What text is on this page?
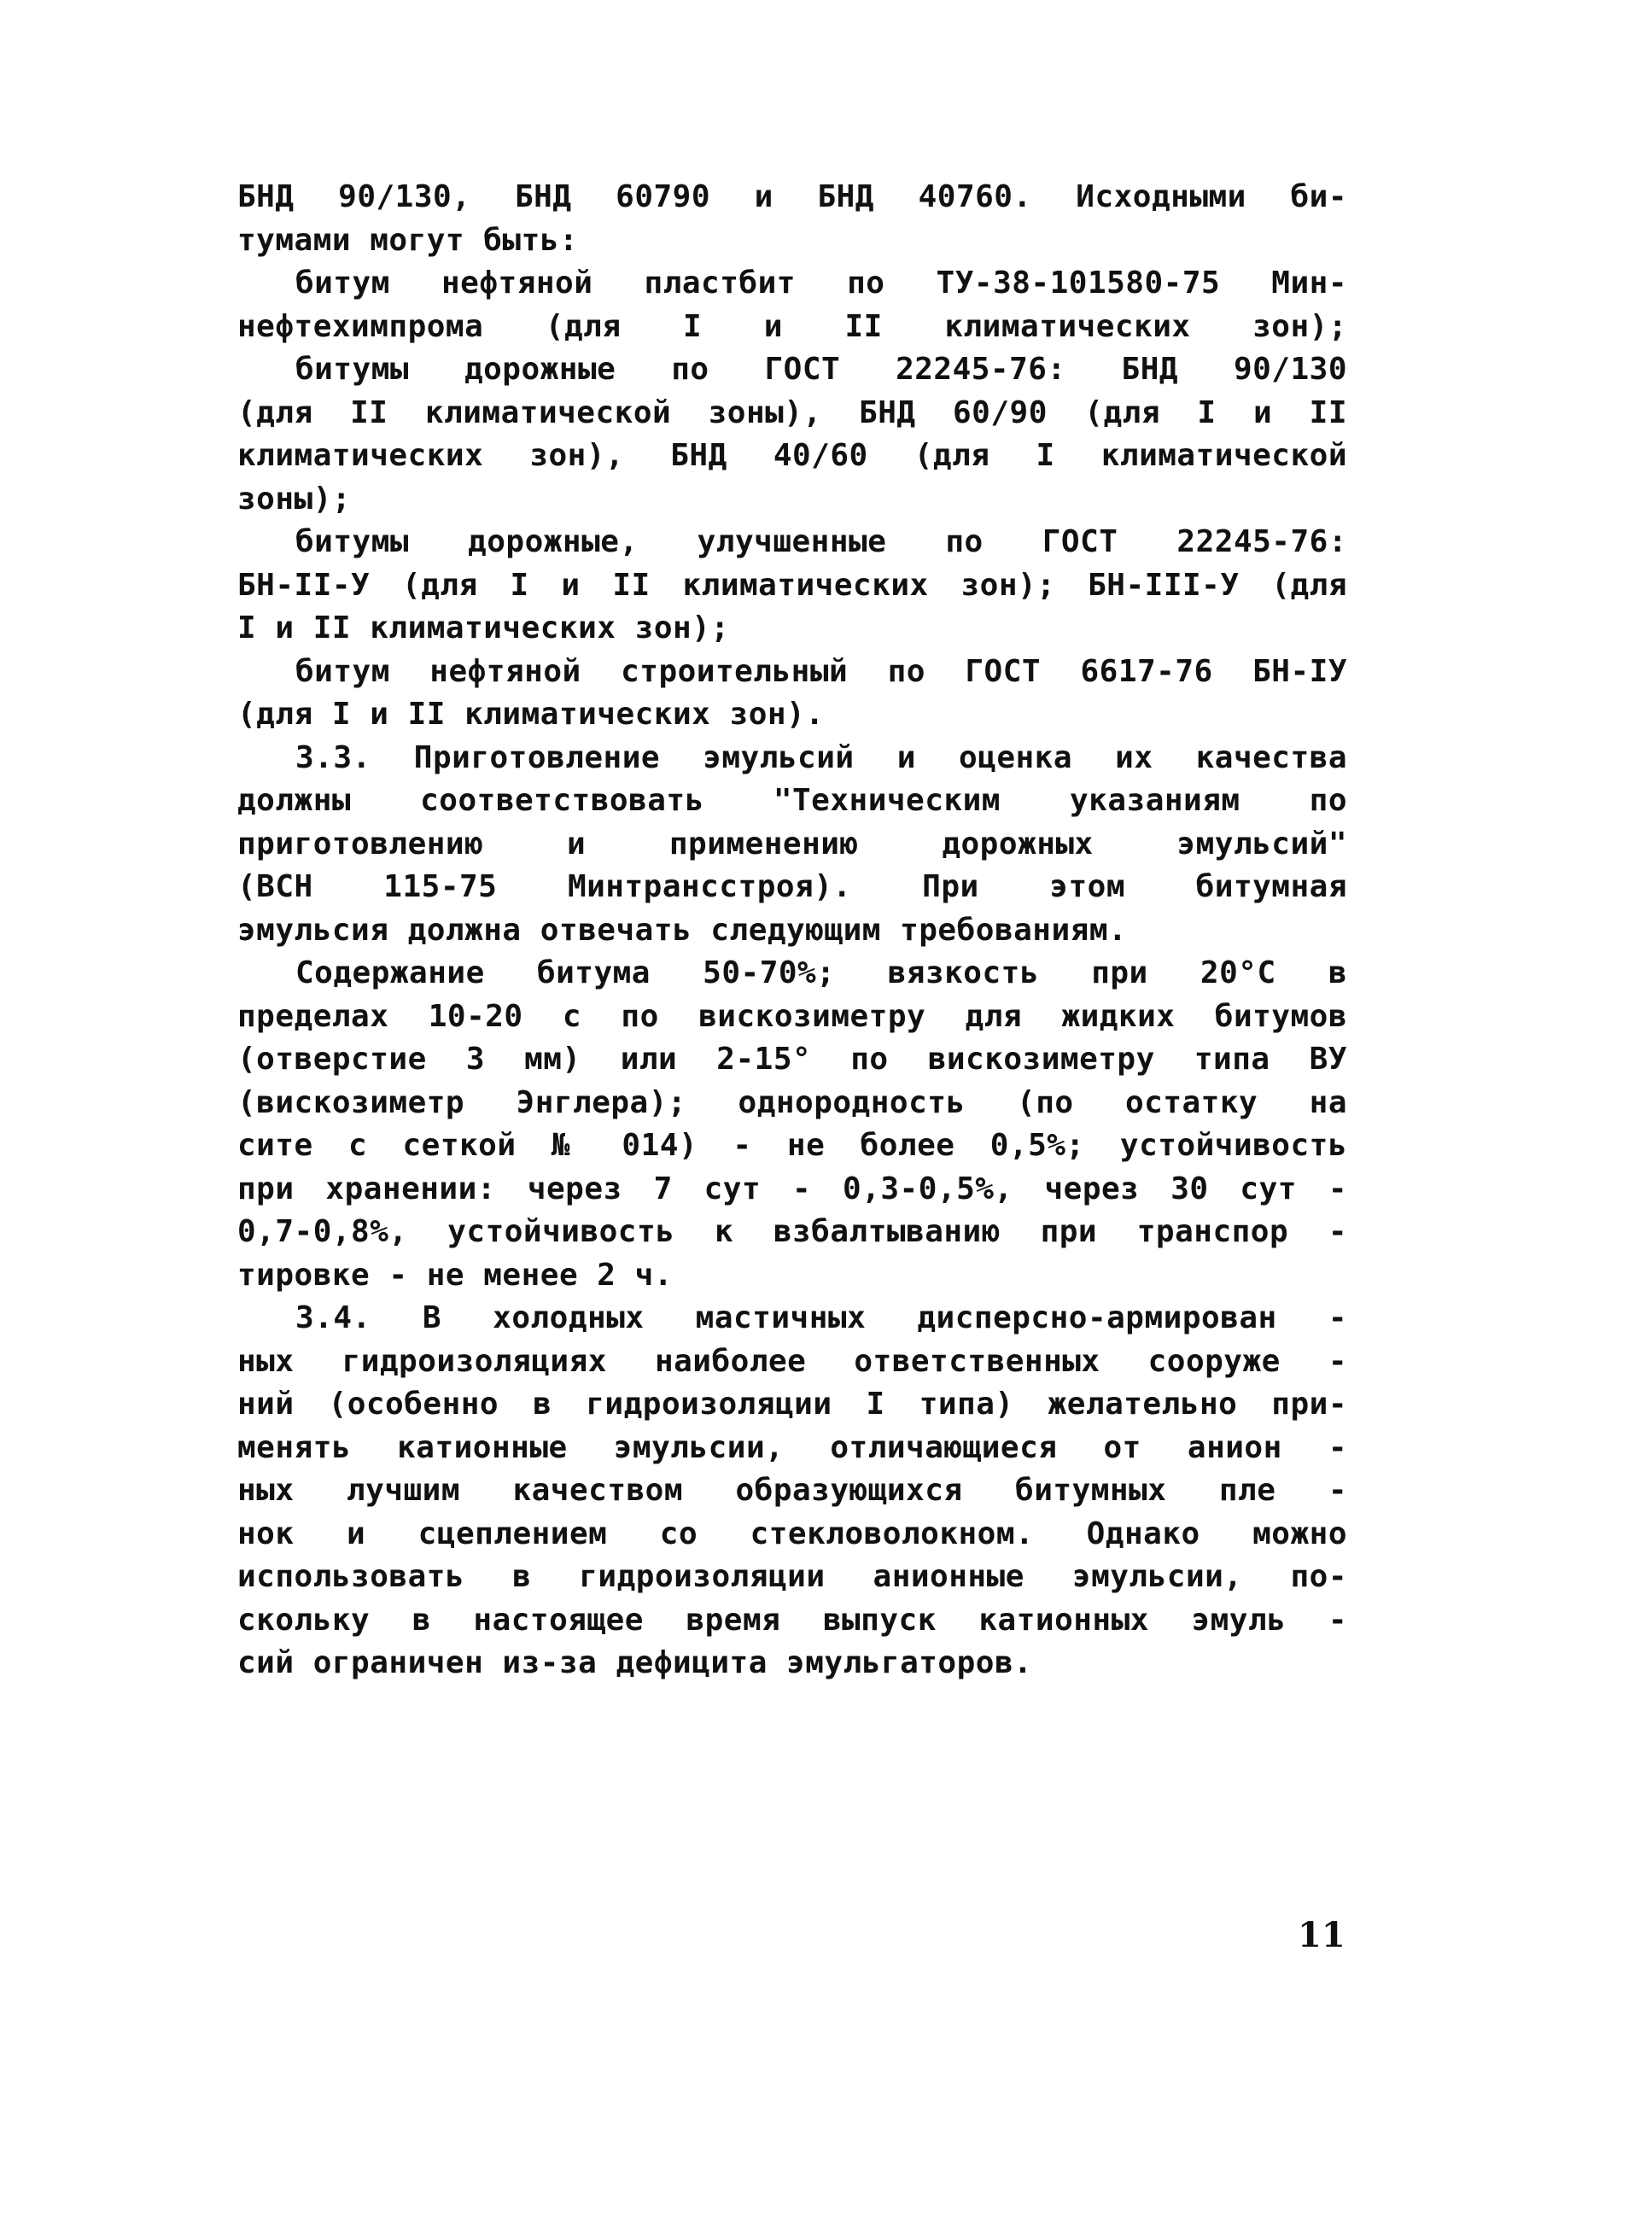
БНД 90/130, БНД 60790 и БНД 40760. Исходными би-
тумами могут быть:
битум нефтяной пластбит по ТУ-38-101580-75 Мин-
нефтехимпрома (для I и II климатических зон);
битумы дорожные по ГОСТ 22245-76: БНД 90/130
(для II климатической зоны), БНД 60/90 (для I и II
климатических зон), БНД 40/60 (для I климатической
зоны);
битумы дорожные, улучшенные по ГОСТ 22245-76:
БН-II-У (для I и II климатических зон); БН-III-У (для
I и II климатических зон);
битум нефтяной строительный по ГОСТ 6617-76 БН-IУ
(для I и II климатических зон).
3.3. Приготовление эмульсий и оценка их качества
должны соответствовать "Техническим указаниям по
приготовлению и применению дорожных эмульсий"
(ВСН 115-75 Минтрансстроя). При этом битумная
эмульсия должна отвечать следующим требованиям.
Содержание битума 50-70%; вязкость при 20°С в
пределах 10-20 с по вискозиметру для жидких битумов
(отверстие 3 мм) или 2-15° по вискозиметру типа ВУ
(вискозиметр Энглера); однородность (по остатку на
сите с сеткой № 014) - не более 0,5%; устойчивость
при хранении: через 7 сут - 0,3-0,5%, через 30 сут -
0,7-0,8%, устойчивость к взбалтыванию при транспор -
тировке - не менее 2 ч.
3.4. В холодных мастичных дисперсно-армирован -
ных гидроизоляциях наиболее ответственных сооруже -
ний (особенно в гидроизоляции I типа) желательно при-
менять катионные эмульсии, отличающиеся от анион -
ных лучшим качеством образующихся битумных пле -
нок и сцеплением со стекловолокном. Однако можно
использовать в гидроизоляции анионные эмульсии, по-
скольку в настоящее время выпуск катионных эмуль -
сий ограничен из-за дефицита эмульгаторов.
11
